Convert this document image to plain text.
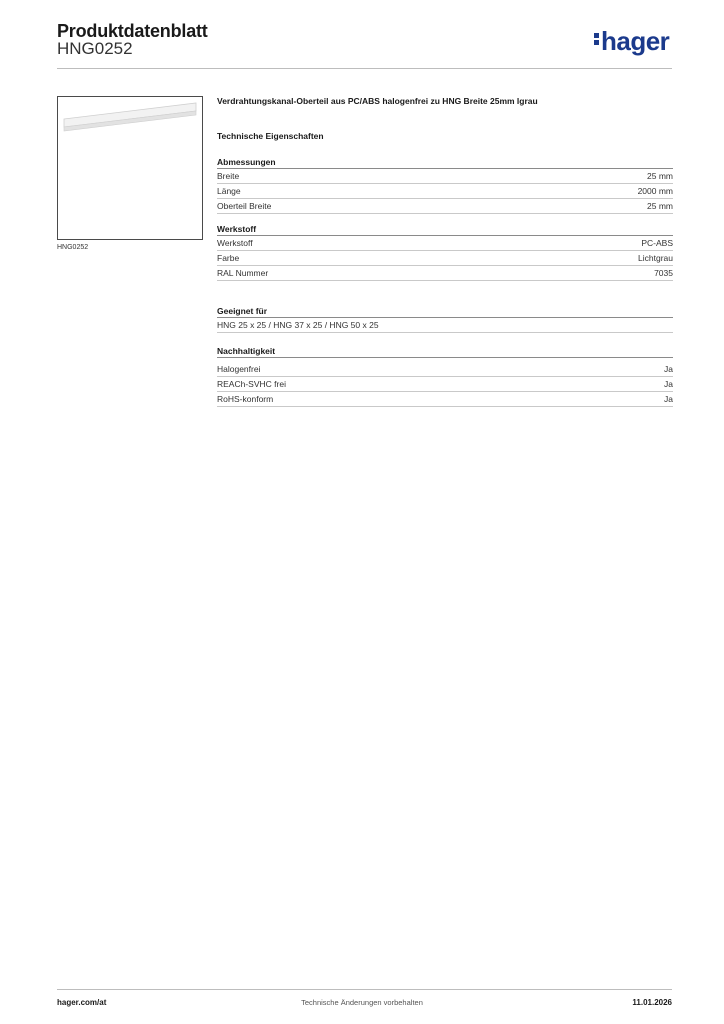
Produktdatenblatt
HNG0252	hager
HNG0252
Verdrahtungskanal-Oberteil aus PC/ABS halogenfrei zu HNG Breite 25mm lgrau
Technische Eigenschaften
Abmessungen
Breite	25 mm
Länge	2000 mm
Oberteil Breite	25 mm
Werkstoff
Werkstoff	PC-ABS
Farbe	Lichtgrau
RAL Nummer	7035
Geeignet für
HNG 25 x 25 / HNG 37 x 25 / HNG 50 x 25
Nachhaltigkeit
Halogenfrei	Ja
REACh-SVHC frei	Ja
RoHS-konform	Ja
hager.com/at	Technische Änderungen vorbehalten	11.01.2026
